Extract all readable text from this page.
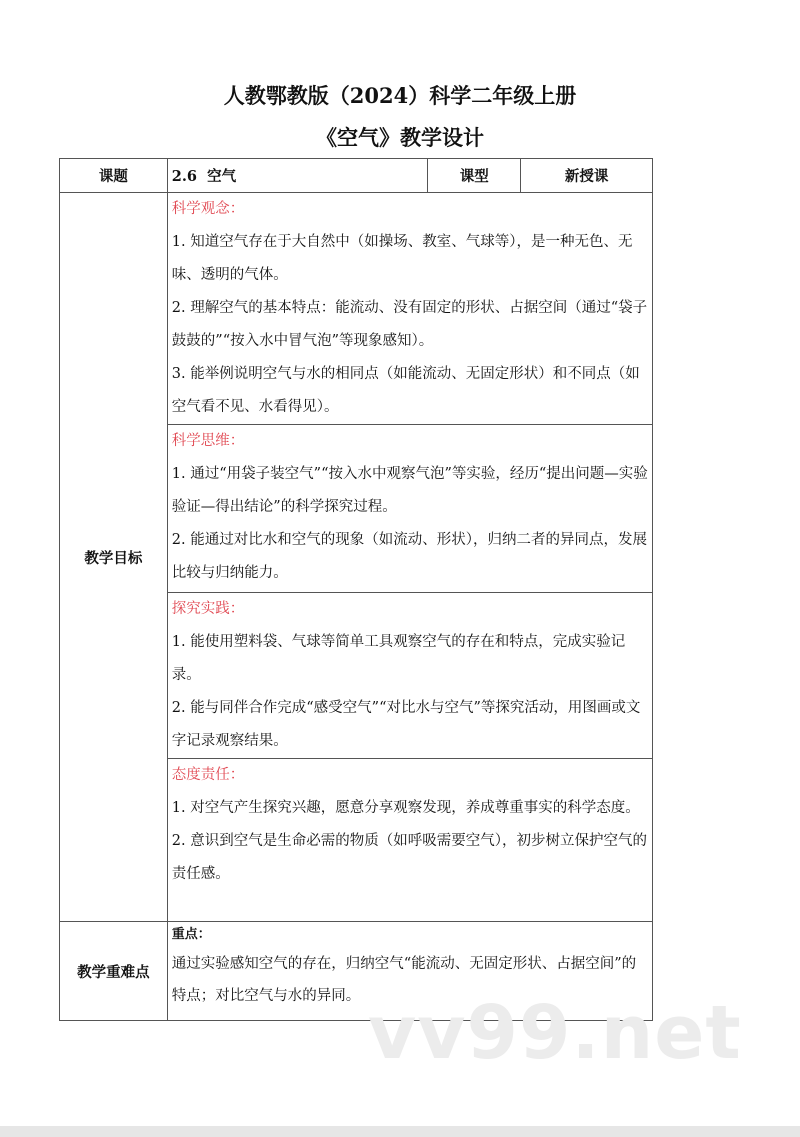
人教鄂教版（2024）科学二年级上册
《空气》教学设计
课题	2.6  空气	课型	新授课
教学目标	科学观念：
1. 知道空气存在于大自然中（如操场、教室、气球等），是一种无色、无味、透明的气体。
2. 理解空气的基本特点：能流动、没有固定的形状、占据空间（通过“袋子鼓鼓的”“按入水中冒气泡”等现象感知）。
3. 能举例说明空气与水的相同点（如能流动、无固定形状）和不同点（如空气看不见、水看得见）。		

	科学思维：
1. 通过“用袋子装空气”“按入水中观察气泡”等实验，经历“提出问题—实验验证—得出结论”的科学探究过程。
2. 能通过对比水和空气的现象（如流动、形状），归纳二者的异同点，发展比较与归纳能力。		

	探究实践：
1. 能使用塑料袋、气球等简单工具观察空气的存在和特点，完成实验记录。
2. 能与同伴合作完成“感受空气”“对比水与空气”等探究活动，用图画或文字记录观察结果。		

	态度责任：
1. 对空气产生探究兴趣，愿意分享观察发现，养成尊重事实的科学态度。
2. 意识到空气是生命必需的物质（如呼吸需要空气），初步树立保护空气的责任感。		

教学重难点	重点：
通过实验感知空气的存在，归纳空气“能流动、无固定形状、占据空间”的特点；对比空气与水的异同。		vv99.net
